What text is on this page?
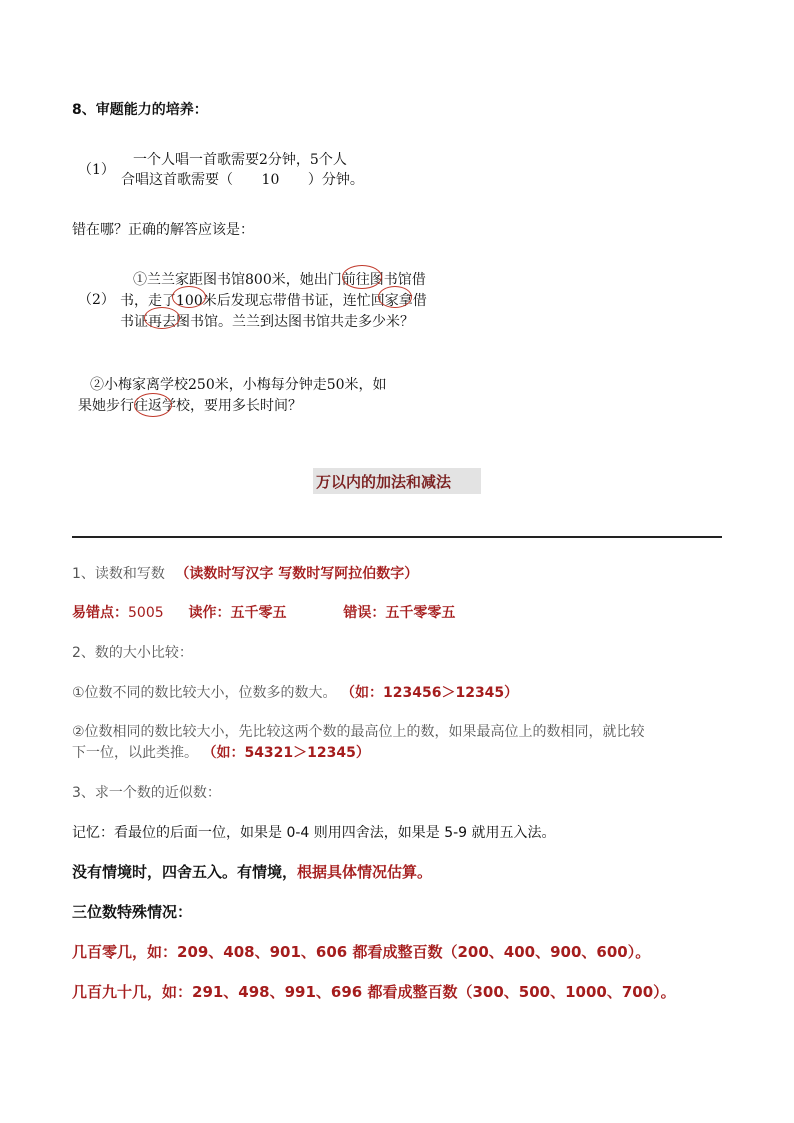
8、审题能力的培养：
（1）
一个人唱一首歌需要2分钟，5个人
合唱这首歌需要（ 10 ）分钟。
错在哪？正确的解答应该是：
（2）
①兰兰家距图书馆800米，她出门前往图书馆借
书，走了100米后发现忘带借书证，连忙回家拿借
书证再去图书馆。兰兰到达图书馆共走多少米？
②小梅家离学校250米，小梅每分钟走50米，如
果她步行往返学校，要用多长时间？
万以内的加法和减法
1、读数和写数 （读数时写汉字 写数时写阿拉伯数字）
易错点：5005 读作：五千零五	错误：五千零零五
2、数的大小比较：
①位数不同的数比较大小，位数多的数大。 （如：123456＞12345）
②位数相同的数比较大小，先比较这两个数的最高位上的数，如果最高位上的数相同，就比较
下一位，以此类推。 （如：54321＞12345）
3、求一个数的近似数：
记忆：看最位的后面一位，如果是 0-4 则用四舍法，如果是 5-9 就用五入法。
没有情境时，四舍五入。有情境，根据具体情况估算。
三位数特殊情况：
几百零几，如：209、408、901、606 都看成整百数（200、400、900、600）。
几百九十几，如：291、498、991、696 都看成整百数（300、500、1000、700）。
